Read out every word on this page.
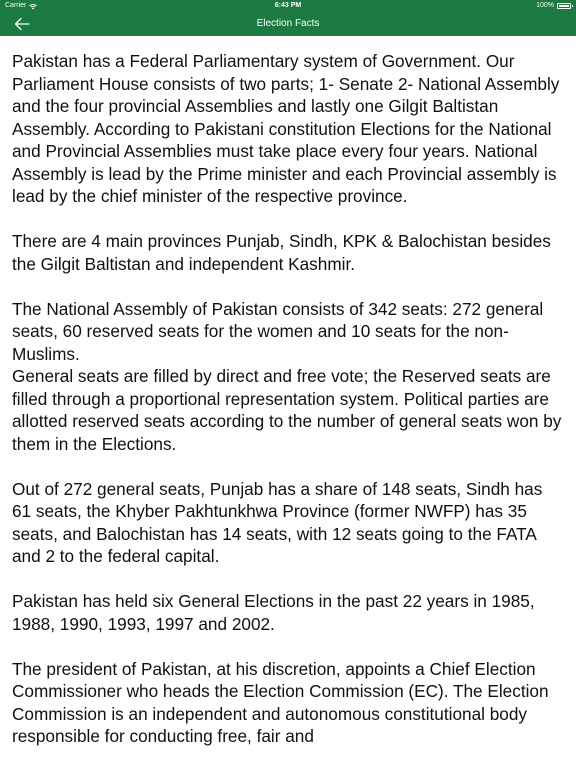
Carrier	6:43 PM	100%
Election Facts

Pakistan has a Federal Parliamentary system of Government. Our Parliament House consists of two parts; 1- Senate 2- National Assembly and the four provincial Assemblies and lastly one Gilgit Baltistan Assembly. According to Pakistani constitution Elections for the National and Provincial Assemblies must take place every four years. National Assembly is lead by the Prime minister and each Provincial assembly is lead by the chief minister of the respective province.

There are 4 main provinces Punjab, Sindh, KPK & Balochistan besides the Gilgit Baltistan and independent Kashmir.

The National Assembly of Pakistan consists of 342 seats: 272 general seats, 60 reserved seats for the women and 10 seats for the non-Muslims.
General seats are filled by direct and free vote; the Reserved seats are filled through a proportional representation system. Political parties are allotted reserved seats according to the number of general seats won by them in the Elections.

Out of 272 general seats, Punjab has a share of 148 seats, Sindh has 61 seats, the Khyber Pakhtunkhwa Province (former NWFP) has 35 seats, and Balochistan has 14 seats, with 12 seats going to the FATA and 2 to the federal capital.

Pakistan has held six General Elections in the past 22 years in 1985, 1988, 1990, 1993, 1997 and 2002.

The president of Pakistan, at his discretion, appoints a Chief Election Commissioner who heads the Election Commission (EC). The Election Commission is an independent and autonomous constitutional body responsible for conducting free, fair and
